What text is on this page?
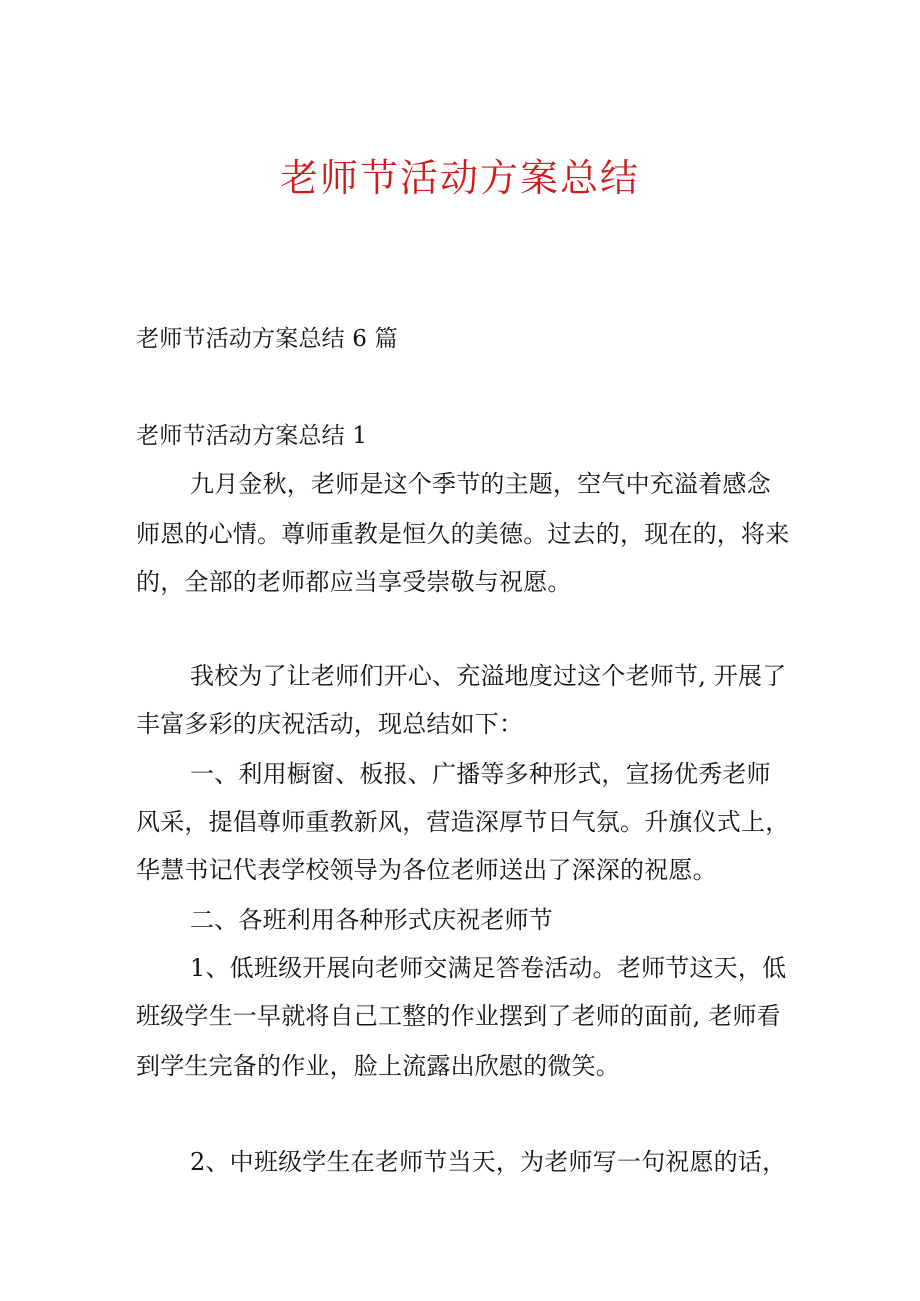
老师节活动方案总结
老师节活动方案总结 6 篇
老师节活动方案总结 1
九月金秋，老师是这个季节的主题，空气中充溢着感念
师恩的心情。尊师重教是恒久的美德。过去的，现在的，将来
的，全部的老师都应当享受崇敬与祝愿。
我校为了让老师们开心、充溢地度过这个老师节, 开展了
丰富多彩的庆祝活动，现总结如下：
一、利用橱窗、板报、广播等多种形式，宣扬优秀老师
风采，提倡尊师重教新风，营造深厚节日气氛。升旗仪式上，
华慧书记代表学校领导为各位老师送出了深深的祝愿。
二、各班利用各种形式庆祝老师节
1、低班级开展向老师交满足答卷活动。老师节这天，低
班级学生一早就将自己工整的作业摆到了老师的面前, 老师看
到学生完备的作业，脸上流露出欣慰的微笑。
2、中班级学生在老师节当天，为老师写一句祝愿的话，
